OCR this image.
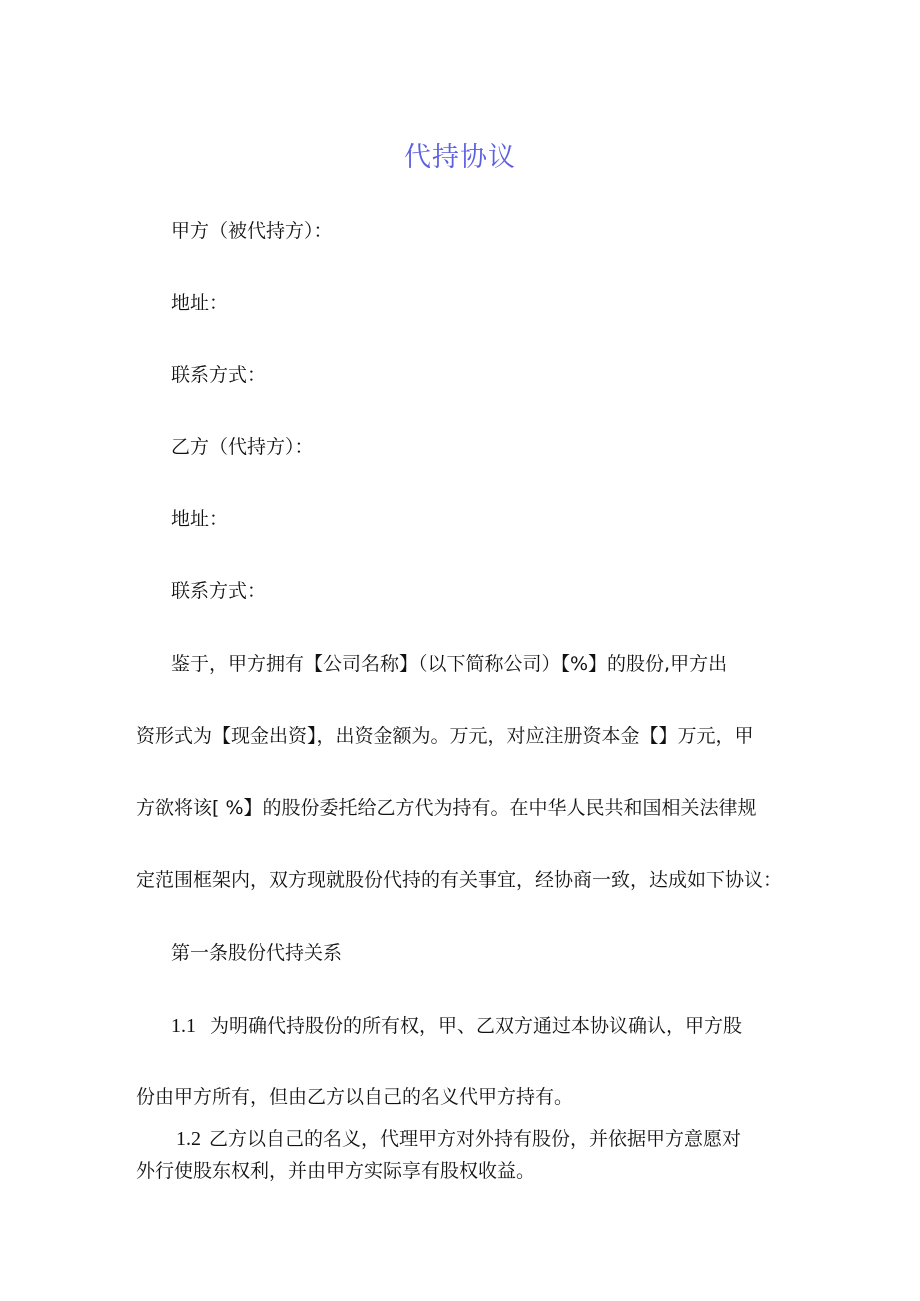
代持协议
甲方（被代持方）：
地址：
联系方式：
乙方（代持方）：
地址：
联系方式：
鉴于，甲方拥有【公司名称】（以下简称公司）【%】的股份,甲方出
资形式为【现金出资】，出资金额为。万元，对应注册资本金【】万元，甲
方欲将该[ %】的股份委托给乙方代为持有。在中华人民共和国相关法律规
定范围框架内，双方现就股份代持的有关事宜，经协商一致，达成如下协议：
第一条股份代持关系
1.1 为明确代持股份的所有权，甲、乙双方通过本协议确认，甲方股
份由甲方所有，但由乙方以自己的名义代甲方持有。
1.2 乙方以自己的名义，代理甲方对外持有股份，并依据甲方意愿对
外行使股东权利，并由甲方实际享有股权收益。
